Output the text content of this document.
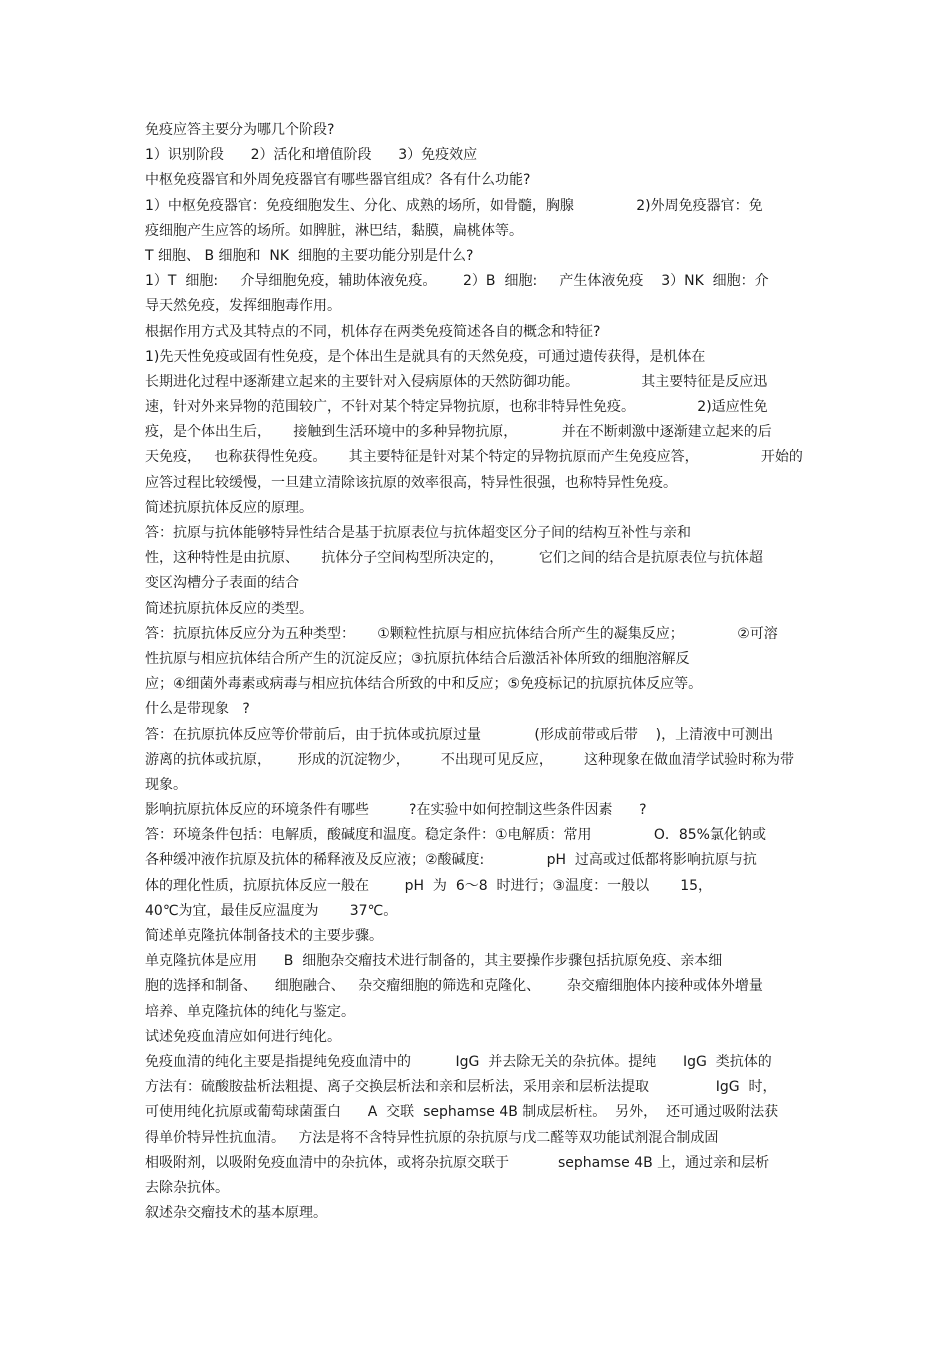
免疫应答主要分为哪几个阶段?
1）识别阶段      2）活化和增值阶段      3）免疫效应
中枢免疫器官和外周免疫器官有哪些器官组成？各有什么功能?
1）中枢免疫器官：免疫细胞发生、分化、成熟的场所，如骨髓，胸腺              2)外周免疫器官：免
疫细胞产生应答的场所。如脾脏，淋巴结，黏膜，扁桃体等。
T 细胞、 B 细胞和  NK  细胞的主要功能分别是什么?
1）T  细胞:     介导细胞免疫，辅助体液免疫。      2）B  细胞:     产生体液免疫    3）NK  细胞：介
导天然免疫，发挥细胞毒作用。
根据作用方式及其特点的不同，机体存在两类免疫简述各自的概念和特征?
1)先天性免疫或固有性免疫，是个体出生是就具有的天然免疫，可通过遗传获得，是机体在
长期进化过程中逐渐建立起来的主要针对入侵病原体的天然防御功能。              其主要特征是反应迅
速，针对外来异物的范围较广，不针对某个特定异物抗原，也称非特异性免疫。              2)适应性免
疫，是个体出生后，     接触到生活环境中的多种异物抗原，          并在不断刺激中逐渐建立起来的后
天免疫，   也称获得性免疫。     其主要特征是针对某个特定的异物抗原而产生免疫应答，              开始的
应答过程比较缓慢，一旦建立清除该抗原的效率很高，特异性很强，也称特异性免疫。
简述抗原抗体反应的原理。
答：抗原与抗体能够特异性结合是基于抗原表位与抗体超变区分子间的结构互补性与亲和
性，这种特性是由抗原、     抗体分子空间构型所决定的，        它们之间的结合是抗原表位与抗体超
变区沟槽分子表面的结合
简述抗原抗体反应的类型。
答：抗原抗体反应分为五种类型：     ①颗粒性抗原与相应抗体结合所产生的凝集反应；            ②可溶
性抗原与相应抗体结合所产生的沉淀反应；③抗原抗体结合后激活补体所致的细胞溶解反
应；④细菌外毒素或病毒与相应抗体结合所致的中和反应；⑤免疫标记的抗原抗体反应等。
什么是带现象   ?
答：在抗原抗体反应等价带前后，由于抗体或抗原过量            (形成前带或后带    )，上清液中可测出
游离的抗体或抗原，      形成的沉淀物少，       不出现可见反应，       这种现象在做血清学试验时称为带
现象。
影响抗原抗体反应的环境条件有哪些         ?在实验中如何控制这些条件因素      ?
答：环境条件包括：电解质，酸碱度和温度。稳定条件：①电解质：常用              O．85%氯化钠或
各种缓冲液作抗原及抗体的稀释液及反应液；②酸碱度:              pH  过高或过低都将影响抗原与抗
体的理化性质，抗原抗体反应一般在        pH  为  6～8  时进行；③温度：一般以       15，
40℃为宜，最佳反应温度为       37℃。
简述单克隆抗体制备技术的主要步骤。
单克隆抗体是应用      B  细胞杂交瘤技术进行制备的，其主要操作步骤包括抗原免疫、亲本细
胞的选择和制备、    细胞融合、   杂交瘤细胞的筛选和克隆化、      杂交瘤细胞体内接种或体外增量
培养、单克隆抗体的纯化与鉴定。
试述免疫血清应如何进行纯化。
免疫血清的纯化主要是指提纯免疫血清中的          IgG  并去除无关的杂抗体。提纯      IgG  类抗体的
方法有：硫酸胺盐析法粗提、离子交换层析法和亲和层析法，采用亲和层析法提取               IgG  时，
可使用纯化抗原或葡萄球菌蛋白      A  交联  sephamse 4B 制成层析柱。  另外，  还可通过吸附法获
得单价特异性抗血清。   方法是将不含特异性抗原的杂抗原与戊二醛等双功能试剂混合制成固
相吸附剂，以吸附免疫血清中的杂抗体，或将杂抗原交联于           sephamse 4B 上，通过亲和层析
去除杂抗体。
叙述杂交瘤技术的基本原理。
